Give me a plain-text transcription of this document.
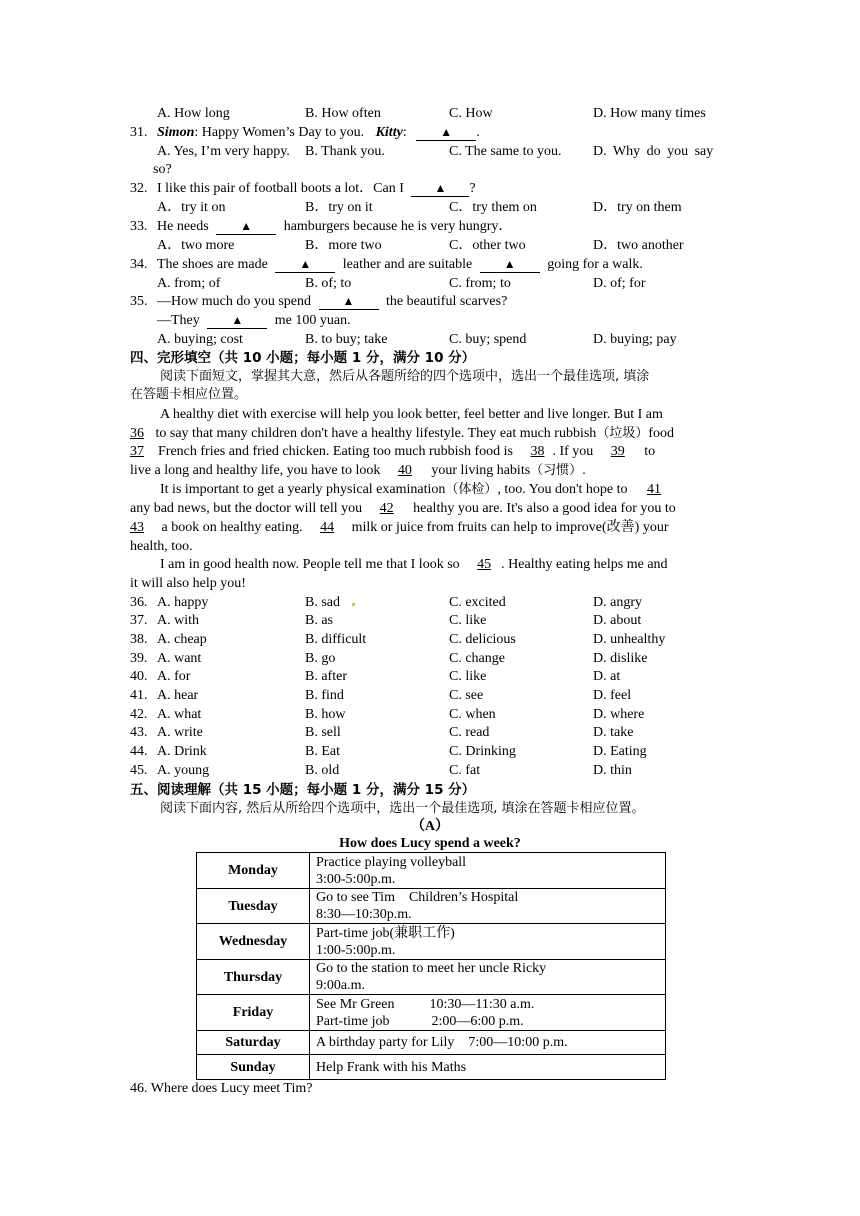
A. How long	B. How often	C. How	D. How many times
31. Simon: Happy Women’s Day to you. Kitty:	▲ .
A. Yes, I’m very happy. B. Thank you.	C. The same to you. D. Why do you say
so?
32. I like this pair of football boots a lot．Can I	▲ ?
A．try it on	B．try on it	C．try them on	D．try on them
33. He needs	▲ hamburgers because he is very hungry．
A．two more	B．more two	C．other two	D．two another
34. The shoes are made	▲ leather and are suitable	▲ going for a walk.
A. from; of	B. of; to	C. from; to	D. of; for
35. —How much do you spend	▲ the beautiful scarves?
—They	▲ me 100 yuan.
A. buying; cost	B. to buy; take	C. buy; spend	D. buying; pay
四、完形填空（共 10 小题；每小题 1 分，满分 10 分）
阅读下面短文，掌握其大意，然后从各题所给的四个选项中，选出一个最佳选项, 填涂
在答题卡相应位置。
A healthy diet with exercise will help you look better, feel better and live longer. But I am
36 to say that many children don't have a healthy lifestyle. They eat much rubbish（垃圾）food
37 French fries and fried chicken. Eating too much rubbish food is 38 . If you 39 to
live a long and healthy life, you have to look 40 your living habits（习惯）.
It is important to get a yearly physical examination（体检）, too. You don't hope to 41
any bad news, but the doctor will tell you 42 healthy you are. It's also a good idea for you to
43 a book on healthy eating. 44 milk or juice from fruits can help to improve(改善) your
health, too.
I am in good health now. People tell me that I look so 45 . Healthy eating helps me and
it will also help you!
36. A. happy	B. sad	C. excited	D. angry
37. A. with	B. as	C. like	D. about
38. A. cheap	B. difficult	C. delicious	D. unhealthy
39. A. want	B. go	C. change	D. dislike
40. A. for	B. after	C. like	D. at
41. A. hear	B. find	C. see	D. feel
42. A. what	B. how	C. when	D. where
43. A. write	B. sell	C. read	D. take
44. A. Drink	B. Eat	C. Drinking	D. Eating
45. A. young	B. old	C. fat	D. thin
五、阅读理解（共 15 小题；每小题 1 分，满分 15 分）
阅读下面内容, 然后从所给四个选项中，选出一个最佳选项, 填涂在答题卡相应位置。
（A）
How does Lucy spend a week?
Monday	Practice playing volleyball
3:00-5:00p.m.

Tuesday	Go to see Tim    Children’s Hospital
8:30—10:30p.m.

Wednesday	Part-time job(兼职工作)
1:00-5:00p.m.

Thursday	Go to the station to meet her uncle Ricky
9:00a.m.

Friday	See Mr Green          10:30—11:30 a.m.
Part-time job            2:00—6:00 p.m.

Saturday	A birthday party for Lily    7:00—10:00 p.m.

Sunday	Help Frank with his Maths
46. Where does Lucy meet Tim?
